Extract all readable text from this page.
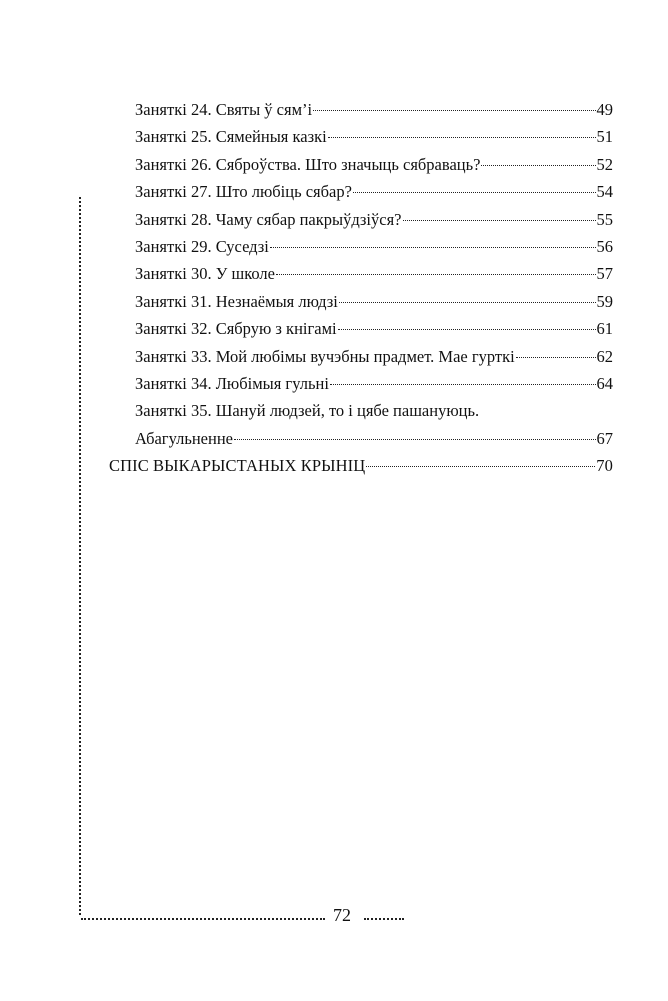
Заняткі 24. Святы ў сям’і	49
Заняткі 25. Сямейныя казкі	51
Заняткі 26. Сяброўства. Што значыць сябраваць?	52
Заняткі 27. Што любіць сябар?	54
Заняткі 28. Чаму сябар пакрыўдзіўся?	55
Заняткі 29. Суседзі	56
Заняткі 30. У школе	57
Заняткі 31. Незнаёмыя людзі	59
Заняткі 32. Сябрую з кнігамі	61
Заняткі 33. Мой любімы вучэбны прадмет. Мае гурткі	62
Заняткі 34. Любімыя гульні	64
Заняткі 35. Шануй людзей, то і цябе пашануюць.
Абагульненне	67
СПІС ВЫКАРЫСТАНЫХ КРЫНІЦ	70
72
